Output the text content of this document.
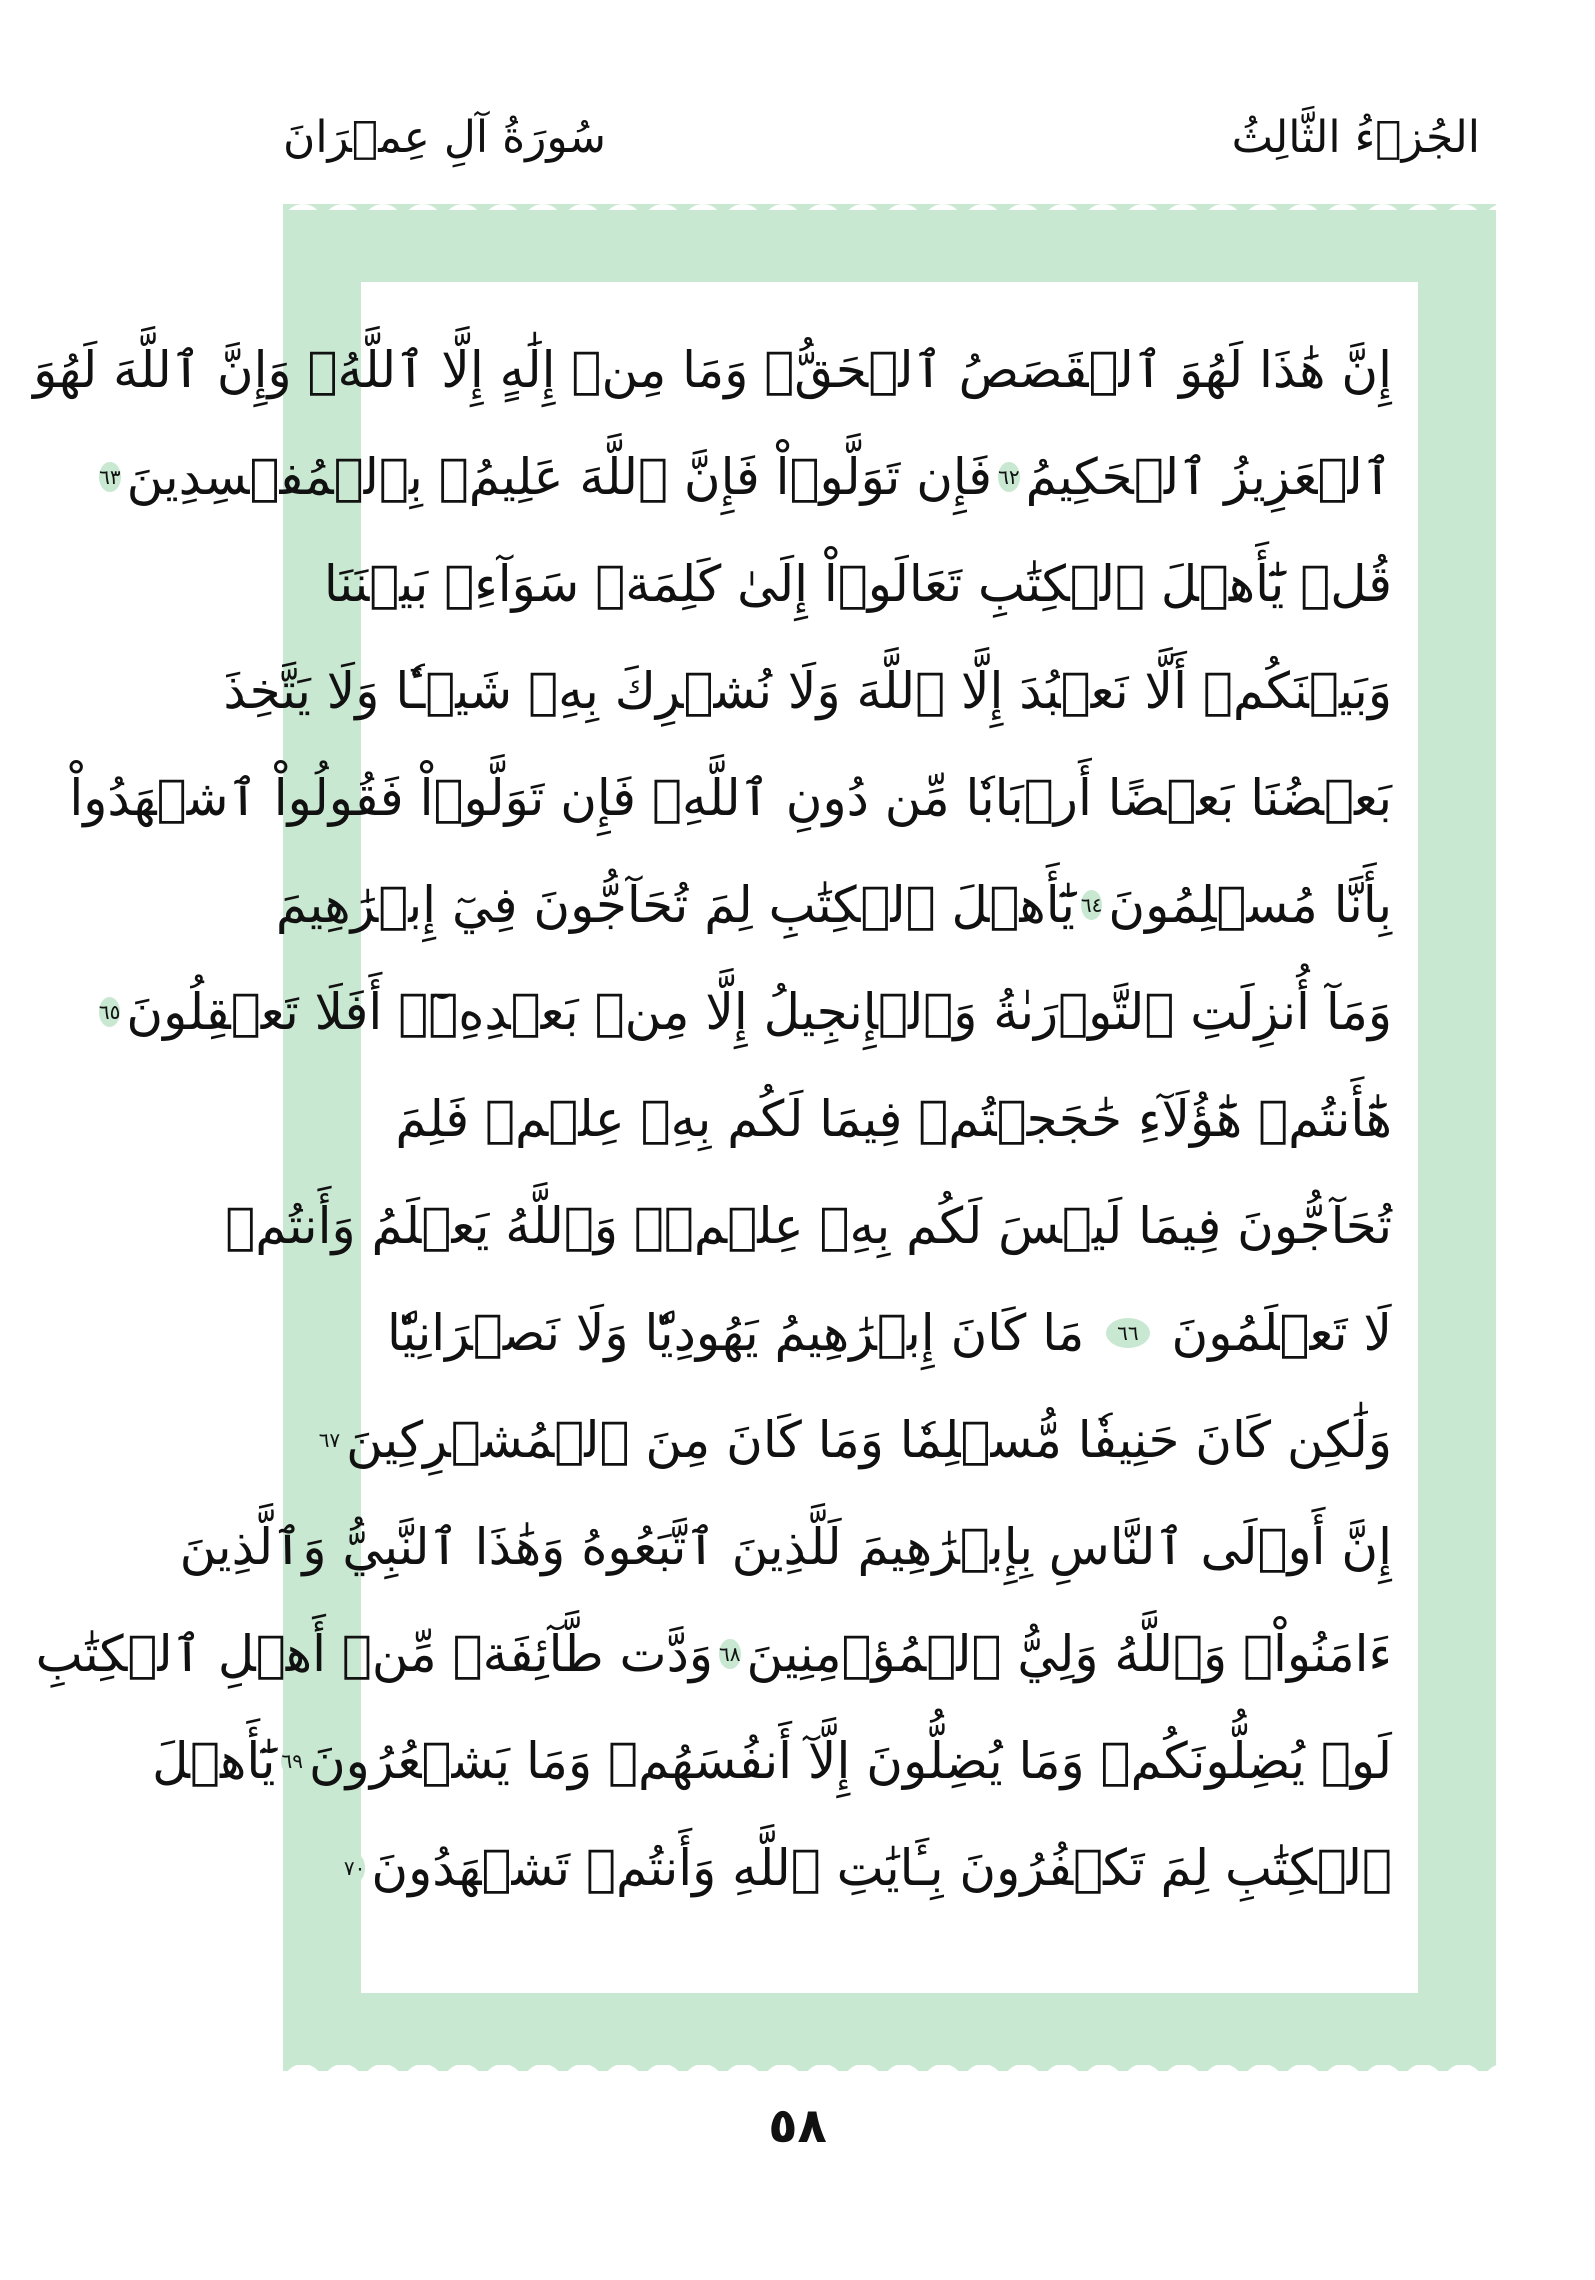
سُورَةُ آلِ عِمۡرَانَ	الجُزۡءُ الثَّالِثُ
إِنَّ هَٰذَا لَهُوَ ٱلۡقَصَصُ ٱلۡحَقُّۚ وَمَا مِنۡ إِلَٰهٍ إِلَّا ٱللَّهُۚ وَإِنَّ ٱللَّهَ لَهُوَ
ٱلۡعَزِيزُ ٱلۡحَكِيمُ
٦٢
فَإِن تَوَلَّوۡاْ فَإِنَّ ٱللَّهَ عَلِيمُۢ بِٱلۡمُفۡسِدِينَ
٦٣
قُلۡ يَٰٓأَهۡلَ ٱلۡكِتَٰبِ تَعَالَوۡاْ إِلَىٰ كَلِمَةٖ سَوَآءِۭ بَيۡنَنَا
وَبَيۡنَكُمۡ أَلَّا نَعۡبُدَ إِلَّا ٱللَّهَ وَلَا نُشۡرِكَ بِهِۦ شَيۡـٔٗا وَلَا يَتَّخِذَ
بَعۡضُنَا بَعۡضًا أَرۡبَابٗا مِّن دُونِ ٱللَّهِۚ فَإِن تَوَلَّوۡاْ فَقُولُواْ ٱشۡهَدُواْ
بِأَنَّا مُسۡلِمُونَ
٦٤
يَٰٓأَهۡلَ ٱلۡكِتَٰبِ لِمَ تُحَآجُّونَ فِيٓ إِبۡرَٰهِيمَ
وَمَآ أُنزِلَتِ ٱلتَّوۡرَىٰةُ وَٱلۡإِنجِيلُ إِلَّا مِنۢ بَعۡدِهِۦٓۚ أَفَلَا تَعۡقِلُونَ
٦٥
هَٰٓأَنتُمۡ هَٰٓؤُلَآءِ حَٰجَجۡتُمۡ فِيمَا لَكُم بِهِۦ عِلۡمٞ فَلِمَ
تُحَآجُّونَ فِيمَا لَيۡسَ لَكُم بِهِۦ عِلۡمٞۚ وَٱللَّهُ يَعۡلَمُ وَأَنتُمۡ
لَا تَعۡلَمُونَ
٦٦
مَا كَانَ إِبۡرَٰهِيمُ يَهُودِيّٗا وَلَا نَصۡرَانِيّٗا
وَلَٰكِن كَانَ حَنِيفٗا مُّسۡلِمٗا وَمَا كَانَ مِنَ ٱلۡمُشۡرِكِينَ
٦٧
إِنَّ أَوۡلَى ٱلنَّاسِ بِإِبۡرَٰهِيمَ لَلَّذِينَ ٱتَّبَعُوهُ وَهَٰذَا ٱلنَّبِيُّ وَٱلَّذِينَ
ءَامَنُواْۗ وَٱللَّهُ وَلِيُّ ٱلۡمُؤۡمِنِينَ
٦٨
وَدَّت طَّآئِفَةٞ مِّنۡ أَهۡلِ ٱلۡكِتَٰبِ
لَوۡ يُضِلُّونَكُمۡ وَمَا يُضِلُّونَ إِلَّآ أَنفُسَهُمۡ وَمَا يَشۡعُرُونَ
٦٩
يَٰٓأَهۡلَ
ٱلۡكِتَٰبِ لِمَ تَكۡفُرُونَ بِـَٔايَٰتِ ٱللَّهِ وَأَنتُمۡ تَشۡهَدُونَ
٧٠
٥٨
